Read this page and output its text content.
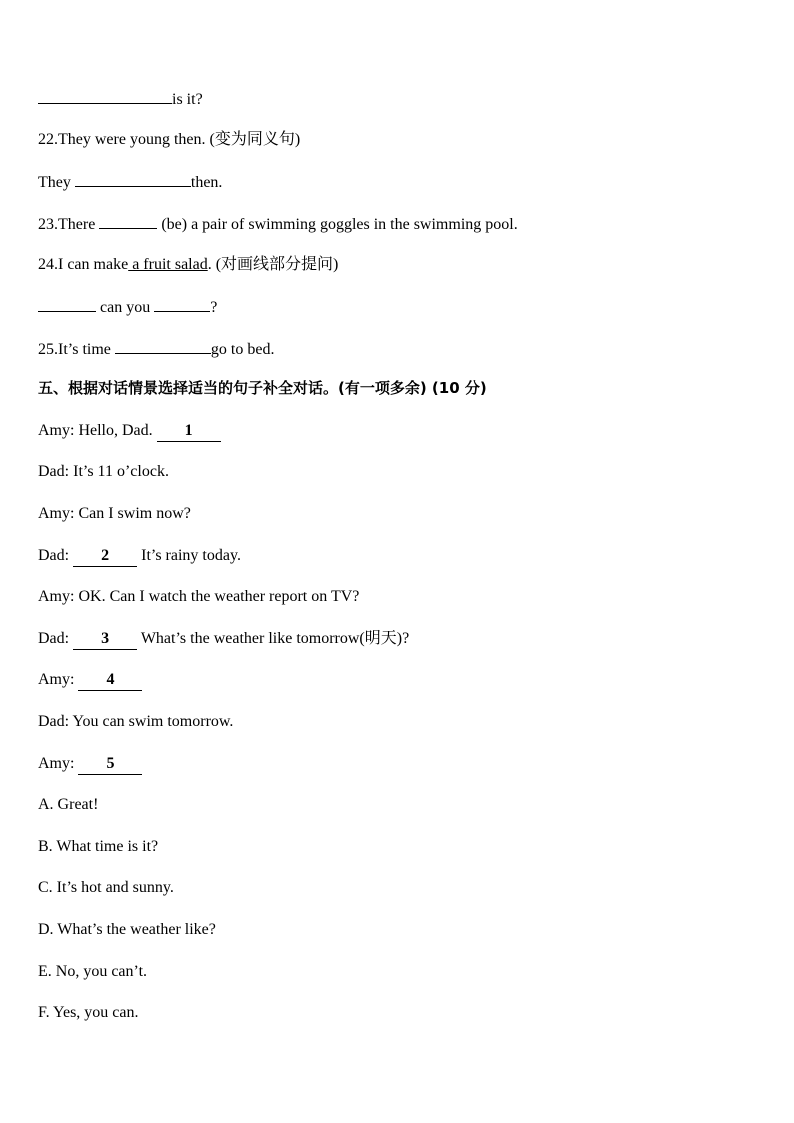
is it?
22.They were young then. (变为同义句)
They	then.
23.There	(be) a pair of swimming goggles in the swimming pool.
24.I can make a fruit salad. (对画线部分提问)
can you	?
25.It’s time	go to bed.
五、根据对话情景选择适当的句子补全对话。(有一项多余) (10 分)
Amy: Hello, Dad. 1
Dad: It’s 11 o’clock.
Amy: Can I swim now?
Dad: 2 It’s rainy today.
Amy: OK. Can I watch the weather report on TV?
Dad: 3 What’s the weather like tomorrow(明天)?
Amy: 4
Dad: You can swim tomorrow.
Amy: 5
A. Great!
B. What time is it?
C. It’s hot and sunny.
D. What’s the weather like?
E. No, you can’t.
F. Yes, you can.
